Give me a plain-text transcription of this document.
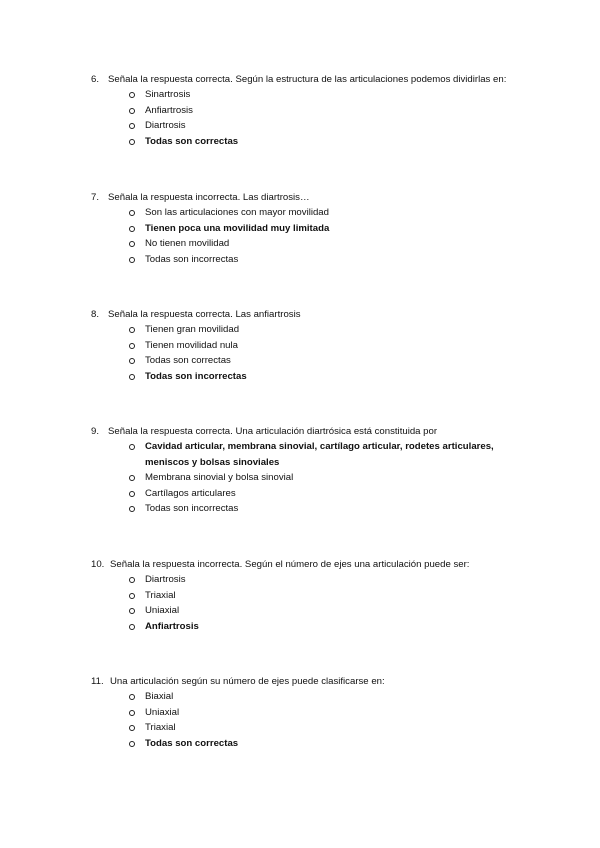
6. Señala la respuesta correcta. Según la estructura de las articulaciones podemos dividirlas en:
Sinartrosis
Anfiartrosis
Diartrosis
Todas son correctas
7. Señala la respuesta incorrecta. Las diartrosis…
Son las articulaciones con mayor movilidad
Tienen poca una movilidad muy limitada
No tienen movilidad
Todas son incorrectas
8. Señala la respuesta correcta. Las anfiartrosis
Tienen gran movilidad
Tienen movilidad nula
Todas son correctas
Todas son incorrectas
9. Señala la respuesta correcta. Una articulación diartrósica está constituida por
Cavidad articular, membrana sinovial, cartílago articular, rodetes articulares, meniscos y bolsas sinoviales
Membrana sinovial y bolsa sinovial
Cartílagos articulares
Todas son incorrectas
10. Señala la respuesta incorrecta. Según el número de ejes una articulación puede ser:
Diartrosis
Triaxial
Uniaxial
Anfiartrosis
11. Una articulación según su número de ejes puede clasificarse en:
Biaxial
Uniaxial
Triaxial
Todas son correctas
